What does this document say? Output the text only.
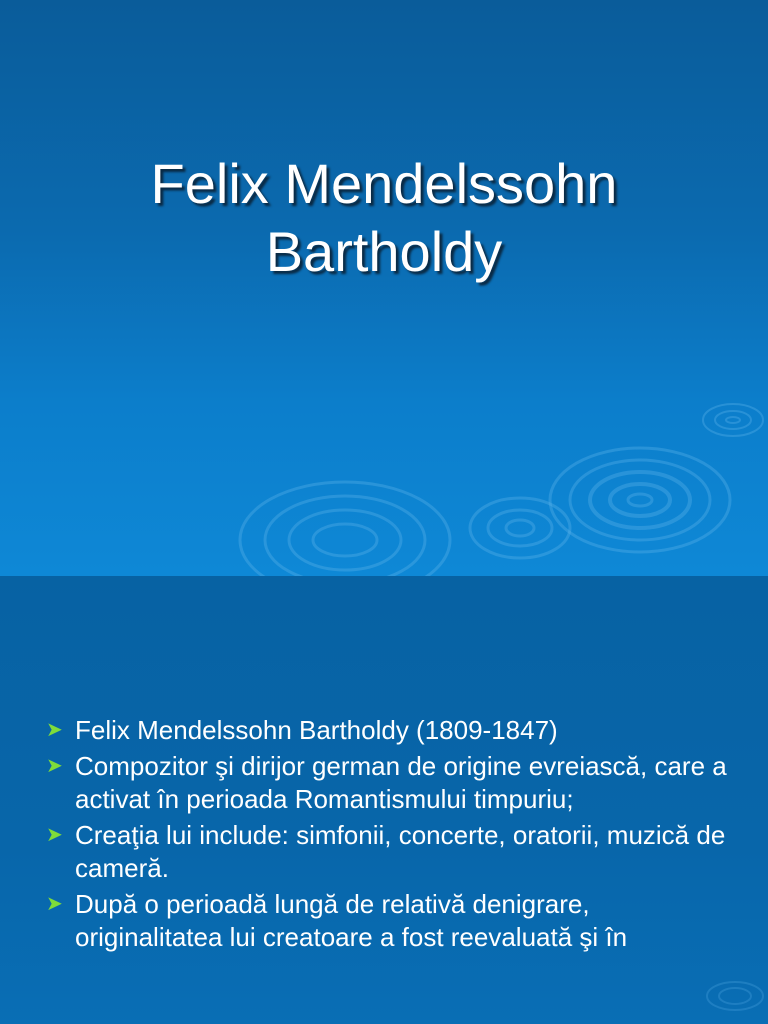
Felix Mendelssohn
Bartholdy
➤ Felix Mendelssohn Bartholdy (1809-1847)
➤ Compozitor şi dirijor german de origine evreiască, care a activat în perioada Romantismului timpuriu;
➤ Creaţia lui include: simfonii, concerte, oratorii, muzică de cameră.
➤ După o perioadă lungă de relativă denigrare, originalitatea lui creatoare a fost reevaluată şi în
